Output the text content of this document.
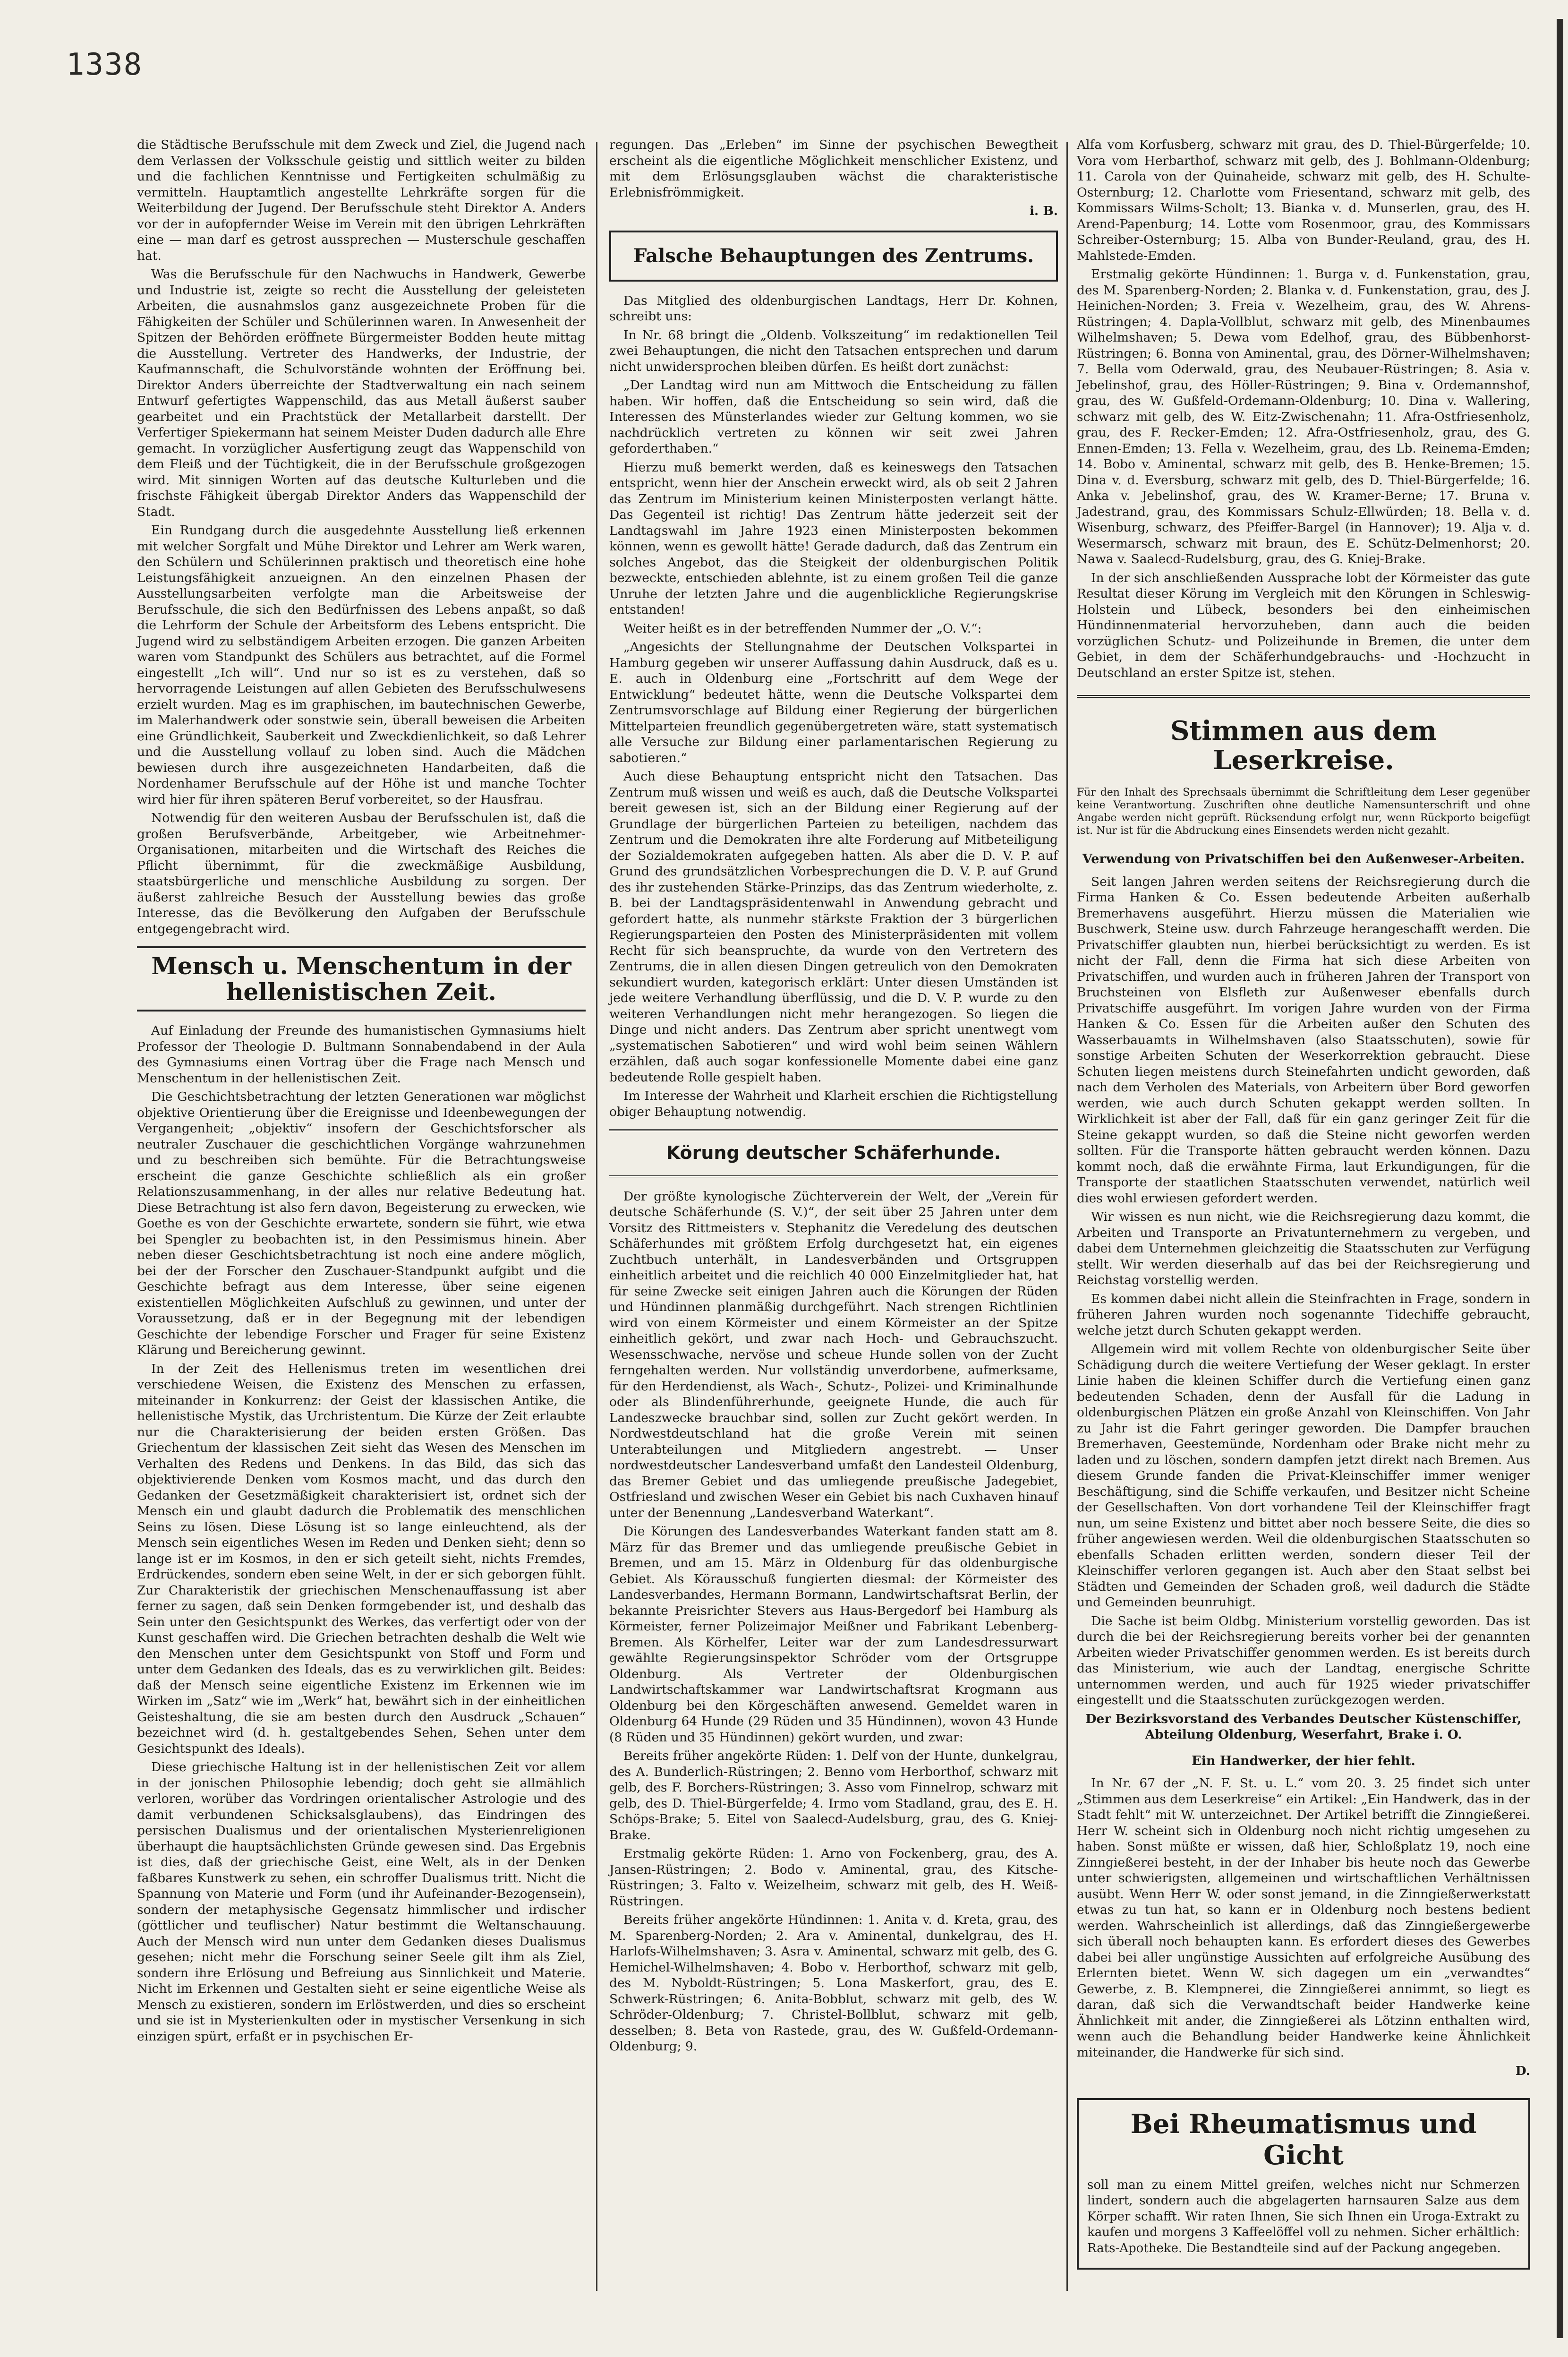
1338

die Städtische Berufsschule mit dem Zweck und Ziel, die Jugend nach dem Verlassen der Volksschule geistig und sittlich weiter zu bilden und die fachlichen Kenntnisse und Fertigkeiten schulmäßig zu vermitteln. Hauptamtlich angestellte Lehrkräfte sorgen für die Weiterbildung der Jugend. Der Berufsschule steht Direktor A. Anders vor der in aufopfernder Weise im Verein mit den übrigen Lehrkräften eine — man darf es getrost aussprechen — Musterschule geschaffen hat.

Was die Berufsschule für den Nachwuchs in Handwerk, Gewerbe und Industrie ist, zeigte so recht die Ausstellung der geleisteten Arbeiten, die ausnahmslos ganz ausgezeichnete Proben für die Fähigkeiten der Schüler und Schülerinnen waren. In Anwesenheit der Spitzen der Behörden eröffnete Bürgermeister Bodden heute mittag die Ausstellung. Vertreter des Handwerks, der Industrie, der Kaufmannschaft, die Schulvorstände wohnten der Eröffnung bei. Direktor Anders überreichte der Stadtverwaltung ein nach seinem Entwurf gefertigtes Wappenschild, das aus Metall äußerst sauber gearbeitet und ein Prachtstück der Metallarbeit darstellt. Der Verfertiger Spiekermann hat seinem Meister Duden dadurch alle Ehre gemacht. In vorzüglicher Ausfertigung zeugt das Wappenschild von dem Fleiß und der Tüchtigkeit, die in der Berufsschule großgezogen wird. Mit sinnigen Worten auf das deutsche Kulturleben und die frischste Fähigkeit übergab Direktor Anders das Wappenschild der Stadt.

Ein Rundgang durch die ausgedehnte Ausstellung ließ erkennen mit welcher Sorgfalt und Mühe Direktor und Lehrer am Werk waren, den Schülern und Schülerinnen praktisch und theoretisch eine hohe Leistungsfähigkeit anzueignen. An den einzelnen Phasen der Ausstellungsarbeiten verfolgte man die Arbeitsweise der Berufsschule, die sich den Bedürfnissen des Lebens anpaßt, so daß die Lehrform der Schule der Arbeitsform des Lebens entspricht. Die Jugend wird zu selbständigem Arbeiten erzogen. Die ganzen Arbeiten waren vom Standpunkt des Schülers aus betrachtet, auf die Formel eingestellt „Ich will“. Und nur so ist es zu verstehen, daß so hervorragende Leistungen auf allen Gebieten des Berufsschulwesens erzielt wurden. Mag es im graphischen, im bautechnischen Gewerbe, im Malerhandwerk oder sonstwie sein, überall beweisen die Arbeiten eine Gründlichkeit, Sauberkeit und Zweckdienlichkeit, so daß Lehrer und die Ausstellung vollauf zu loben sind. Auch die Mädchen bewiesen durch ihre ausgezeichneten Handarbeiten, daß die Nordenhamer Berufsschule auf der Höhe ist und manche Tochter wird hier für ihren späteren Beruf vorbereitet, so der Hausfrau.

Notwendig für den weiteren Ausbau der Berufsschulen ist, daß die großen Berufsverbände, Arbeitgeber, wie Arbeitnehmer-Organisationen, mitarbeiten und die Wirtschaft des Reiches die Pflicht übernimmt, für die zweckmäßige Ausbildung, staatsbürgerliche und menschliche Ausbildung zu sorgen. Der äußerst zahlreiche Besuch der Ausstellung bewies das große Interesse, das die Bevölkerung den Aufgaben der Berufsschule entgegengebracht wird.

Mensch u. Menschentum in der hellenistischen Zeit.

Auf Einladung der Freunde des humanistischen Gymnasiums hielt Professor der Theologie D. Bultmann Sonnabendabend in der Aula des Gymnasiums einen Vortrag über die Frage nach Mensch und Menschentum in der hellenistischen Zeit.

Die Geschichtsbetrachtung der letzten Generationen war möglichst objektive Orientierung über die Ereignisse und Ideenbewegungen der Vergangenheit; „objektiv“ insofern der Geschichtsforscher als neutraler Zuschauer die geschichtlichen Vorgänge wahrzunehmen und zu beschreiben sich bemühte. Für die Betrachtungsweise erscheint die ganze Geschichte schließlich als ein großer Relationszusammenhang, in der alles nur relative Bedeutung hat. Diese Betrachtung ist also fern davon, Begeisterung zu erwecken, wie Goethe es von der Geschichte erwartete, sondern sie führt, wie etwa bei Spengler zu beobachten ist, in den Pessimismus hinein. Aber neben dieser Geschichtsbetrachtung ist noch eine andere möglich, bei der der Forscher den Zuschauer-Standpunkt aufgibt und die Geschichte befragt aus dem Interesse, über seine eigenen existentiellen Möglichkeiten Aufschluß zu gewinnen, und unter der Voraussetzung, daß er in der Begegnung mit der lebendigen Geschichte der lebendige Forscher und Frager für seine Existenz Klärung und Bereicherung gewinnt.

In der Zeit des Hellenismus treten im wesentlichen drei verschiedene Weisen, die Existenz des Menschen zu erfassen, miteinander in Konkurrenz: der Geist der klassischen Antike, die hellenistische Mystik, das Urchristentum. Die Kürze der Zeit erlaubte nur die Charakterisierung der beiden ersten Größen. Das Griechentum der klassischen Zeit sieht das Wesen des Menschen im Verhalten des Redens und Denkens. In das Bild, das sich das objektivierende Denken vom Kosmos macht, und das durch den Gedanken der Gesetzmäßigkeit charakterisiert ist, ordnet sich der Mensch ein und glaubt dadurch die Problematik des menschlichen Seins zu lösen. Diese Lösung ist so lange einleuchtend, als der Mensch sein eigentliches Wesen im Reden und Denken sieht; denn so lange ist er im Kosmos, in den er sich geteilt sieht, nichts Fremdes, Erdrückendes, sondern eben seine Welt, in der er sich geborgen fühlt. Zur Charakteristik der griechischen Menschenauffassung ist aber ferner zu sagen, daß sein Denken formgebender ist, und deshalb das Sein unter den Gesichtspunkt des Werkes, das verfertigt oder von der Kunst geschaffen wird. Die Griechen betrachten deshalb die Welt wie den Menschen unter dem Gesichtspunkt von Stoff und Form und unter dem Gedanken des Ideals, das es zu verwirklichen gilt. Beides: daß der Mensch seine eigentliche Existenz im Erkennen wie im Wirken im „Satz“ wie im „Werk“ hat, bewährt sich in der einheitlichen Geisteshaltung, die sie am besten durch den Ausdruck „Schauen“ bezeichnet wird (d. h. gestaltgebendes Sehen, Sehen unter dem Gesichtspunkt des Ideals).

Diese griechische Haltung ist in der hellenistischen Zeit vor allem in der jonischen Philosophie lebendig; doch geht sie allmählich verloren, worüber das Vordringen orientalischer Astrologie und des damit verbundenen Schicksalsglaubens), das Eindringen des persischen Dualismus und der orientalischen Mysterienreligionen überhaupt die hauptsächlichsten Gründe gewesen sind. Das Ergebnis ist dies, daß der griechische Geist, eine Welt, als in der Denken faßbares Kunstwerk zu sehen, ein schroffer Dualismus tritt. Nicht die Spannung von Materie und Form (und ihr Aufeinander-Bezogensein), sondern der metaphysische Gegensatz himmlischer und irdischer (göttlicher und teuflischer) Natur bestimmt die Weltanschauung. Auch der Mensch wird nun unter dem Gedanken dieses Dualismus gesehen; nicht mehr die Forschung seiner Seele gilt ihm als Ziel, sondern ihre Erlösung und Befreiung aus Sinnlichkeit und Materie. Nicht im Erkennen und Gestalten sieht er seine eigentliche Weise als Mensch zu existieren, sondern im Erlöstwerden, und dies so erscheint und sie ist in Mysterienkulten oder in mystischer Versenkung in sich einzigen spürt, erfaßt er in psychischen Er-

regungen. Das „Erleben“ im Sinne der psychischen Bewegtheit erscheint als die eigentliche Möglichkeit menschlicher Existenz, und mit dem Erlösungsglauben wächst die charakteristische Erlebnisfrömmigkeit.

i. B.

Falsche Behauptungen des Zentrums.

Das Mitglied des oldenburgischen Landtags, Herr Dr. Kohnen, schreibt uns:

In Nr. 68 bringt die „Oldenb. Volkszeitung“ im redaktionellen Teil zwei Behauptungen, die nicht den Tatsachen entsprechen und darum nicht unwidersprochen bleiben dürfen. Es heißt dort zunächst:

„Der Landtag wird nun am Mittwoch die Entscheidung zu fällen haben. Wir hoffen, daß die Entscheidung so sein wird, daß die Interessen des Münsterlandes wieder zur Geltung kommen, wo sie nachdrücklich vertreten zu können wir seit zwei Jahren geforderthaben.“

Hierzu muß bemerkt werden, daß es keineswegs den Tatsachen entspricht, wenn hier der Anschein erweckt wird, als ob seit 2 Jahren das Zentrum im Ministerium keinen Ministerposten verlangt hätte. Das Gegenteil ist richtig! Das Zentrum hätte jederzeit seit der Landtagswahl im Jahre 1923 einen Ministerposten bekommen können, wenn es gewollt hätte! Gerade dadurch, daß das Zentrum ein solches Angebot, das die Steigkeit der oldenburgischen Politik bezweckte, entschieden ablehnte, ist zu einem großen Teil die ganze Unruhe der letzten Jahre und die augenblickliche Regierungskrise entstanden!

Weiter heißt es in der betreffenden Nummer der „O. V.“:

„Angesichts der Stellungnahme der Deutschen Volkspartei in Hamburg gegeben wir unserer Auffassung dahin Ausdruck, daß es u. E. auch in Oldenburg eine „Fortschritt auf dem Wege der Entwicklung“ bedeutet hätte, wenn die Deutsche Volkspartei dem Zentrumsvorschlage auf Bildung einer Regierung der bürgerlichen Mittelparteien freundlich gegenübergetreten wäre, statt systematisch alle Versuche zur Bildung einer parlamentarischen Regierung zu sabotieren.“

Auch diese Behauptung entspricht nicht den Tatsachen. Das Zentrum muß wissen und weiß es auch, daß die Deutsche Volkspartei bereit gewesen ist, sich an der Bildung einer Regierung auf der Grundlage der bürgerlichen Parteien zu beteiligen, nachdem das Zentrum und die Demokraten ihre alte Forderung auf Mitbeteiligung der Sozialdemokraten aufgegeben hatten. Als aber die D. V. P. auf Grund des grundsätzlichen Vorbesprechungen die D. V. P. auf Grund des ihr zustehenden Stärke-Prinzips, das das Zentrum wiederholte, z. B. bei der Landtagspräsidentenwahl in Anwendung gebracht und gefordert hatte, als nunmehr stärkste Fraktion der 3 bürgerlichen Regierungsparteien den Posten des Ministerpräsidenten mit vollem Recht für sich beanspruchte, da wurde von den Vertretern des Zentrums, die in allen diesen Dingen getreulich von den Demokraten sekundiert wurden, kategorisch erklärt: Unter diesen Umständen ist jede weitere Verhandlung überflüssig, und die D. V. P. wurde zu den weiteren Verhandlungen nicht mehr herangezogen. So liegen die Dinge und nicht anders. Das Zentrum aber spricht unentwegt vom „systematischen Sabotieren“ und wird wohl beim seinen Wählern erzählen, daß auch sogar konfessionelle Momente dabei eine ganz bedeutende Rolle gespielt haben.

Im Interesse der Wahrheit und Klarheit erschien die Richtigstellung obiger Behauptung notwendig.

Körung deutscher Schäferhunde.

Der größte kynologische Züchterverein der Welt, der „Verein für deutsche Schäferhunde (S. V.)“, der seit über 25 Jahren unter dem Vorsitz des Rittmeisters v. Stephanitz die Veredelung des deutschen Schäferhundes mit größtem Erfolg durchgesetzt hat, ein eigenes Zuchtbuch unterhält, in Landesverbänden und Ortsgruppen einheitlich arbeitet und die reichlich 40 000 Einzelmitglieder hat, hat für seine Zwecke seit einigen Jahren auch die Körungen der Rüden und Hündinnen planmäßig durchgeführt. Nach strengen Richtlinien wird von einem Körmeister und einem Körmeister an der Spitze einheitlich gekört, und zwar nach Hoch- und Gebrauchszucht. Wesensschwache, nervöse und scheue Hunde sollen von der Zucht ferngehalten werden. Nur vollständig unverdorbene, aufmerksame, für den Herdendienst, als Wach-, Schutz-, Polizei- und Kriminalhunde oder als Blindenführerhunde, geeignete Hunde, die auch für Landeszwecke brauchbar sind, sollen zur Zucht gekört werden. In Nordwestdeutschland hat die große Verein mit seinen Unterabteilungen und Mitgliedern angestrebt. — Unser nordwestdeutscher Landesverband umfaßt den Landesteil Oldenburg, das Bremer Gebiet und das umliegende preußische Jadegebiet, Ostfriesland und zwischen Weser ein Gebiet bis nach Cuxhaven hinauf unter der Benennung „Landesverband Waterkant“.

Die Körungen des Landesverbandes Waterkant fanden statt am 8. März für das Bremer und das umliegende preußische Gebiet in Bremen, und am 15. März in Oldenburg für das oldenburgische Gebiet. Als Körausschuß fungierten diesmal: der Körmeister des Landesverbandes, Hermann Bormann, Landwirtschaftsrat Berlin, der bekannte Preisrichter Stevers aus Haus-Bergedorf bei Hamburg als Körmeister, ferner Polizeimajor Meißner und Fabrikant Lebenberg-Bremen. Als Körhelfer, Leiter war der zum Landesdressurwart gewählte Regierungsinspektor Schröder vom der Ortsgruppe Oldenburg. Als Vertreter der Oldenburgischen Landwirtschaftskammer war Landwirtschaftsrat Krogmann aus Oldenburg bei den Körgeschäften anwesend. Gemeldet waren in Oldenburg 64 Hunde (29 Rüden und 35 Hündinnen), wovon 43 Hunde (8 Rüden und 35 Hündinnen) gekört wurden, und zwar:

Bereits früher angekörte Rüden: 1. Delf von der Hunte, dunkelgrau, des A. Bunderlich-Rüstringen; 2. Benno vom Herborthof, schwarz mit gelb, des F. Borchers-Rüstringen; 3. Asso vom Finnelrop, schwarz mit gelb, des D. Thiel-Bürgerfelde; 4. Irmo vom Stadland, grau, des E. H. Schöps-Brake; 5. Eitel von Saalecd-Audelsburg, grau, des G. Kniej-Brake.

Erstmalig gekörte Rüden: 1. Arno von Fockenberg, grau, des A. Jansen-Rüstringen; 2. Bodo v. Aminental, grau, des Kitsche-Rüstringen; 3. Falto v. Weizelheim, schwarz mit gelb, des H. Weiß-Rüstringen.

Bereits früher angekörte Hündinnen: 1. Anita v. d. Kreta, grau, des M. Sparenberg-Norden; 2. Ara v. Aminental, dunkelgrau, des H. Harlofs-Wilhelmshaven; 3. Asra v. Aminental, schwarz mit gelb, des G. Hemichel-Wilhelmshaven; 4. Bobo v. Herborthof, schwarz mit gelb, des M. Nyboldt-Rüstringen; 5. Lona Maskerfort, grau, des E. Schwerk-Rüstringen; 6. Anita-Bobblut, schwarz mit gelb, des W. Schröder-Oldenburg; 7. Christel-Bollblut, schwarz mit gelb, desselben; 8. Beta von Rastede, grau, des W. Gußfeld-Ordemann-Oldenburg; 9.

Alfa vom Korfusberg, schwarz mit grau, des D. Thiel-Bürgerfelde; 10. Vora vom Herbarthof, schwarz mit gelb, des J. Bohlmann-Oldenburg; 11. Carola von der Quinaheide, schwarz mit gelb, des H. Schulte-Osternburg; 12. Charlotte vom Friesentand, schwarz mit gelb, des Kommissars Wilms-Scholt; 13. Bianka v. d. Munserlen, grau, des H. Arend-Papenburg; 14. Lotte vom Rosenmoor, grau, des Kommissars Schreiber-Osternburg; 15. Alba von Bunder-Reuland, grau, des H. Mahlstede-Emden.

Erstmalig gekörte Hündinnen: 1. Burga v. d. Funkenstation, grau, des M. Sparenberg-Norden; 2. Blanka v. d. Funkenstation, grau, des J. Heinichen-Norden; 3. Freia v. Wezelheim, grau, des W. Ahrens-Rüstringen; 4. Dapla-Vollblut, schwarz mit gelb, des Minenbaumes Wilhelmshaven; 5. Dewa vom Edelhof, grau, des Bübbenhorst-Rüstringen; 6. Bonna von Aminental, grau, des Dörner-Wilhelmshaven; 7. Bella vom Oderwald, grau, des Neubauer-Rüstringen; 8. Asia v. Jebelinshof, grau, des Höller-Rüstringen; 9. Bina v. Ordemannshof, grau, des W. Gußfeld-Ordemann-Oldenburg; 10. Dina v. Wallering, schwarz mit gelb, des W. Eitz-Zwischenahn; 11. Afra-Ostfriesenholz, grau, des F. Recker-Emden; 12. Afra-Ostfriesenholz, grau, des G. Ennen-Emden; 13. Fella v. Wezelheim, grau, des Lb. Reinema-Emden; 14. Bobo v. Aminental, schwarz mit gelb, des B. Henke-Bremen; 15. Dina v. d. Eversburg, schwarz mit gelb, des D. Thiel-Bürgerfelde; 16. Anka v. Jebelinshof, grau, des W. Kramer-Berne; 17. Bruna v. Jadestrand, grau, des Kommissars Schulz-Ellwürden; 18. Bella v. d. Wisenburg, schwarz, des Pfeiffer-Bargel (in Hannover); 19. Alja v. d. Wesermarsch, schwarz mit braun, des E. Schütz-Delmenhorst; 20. Nawa v. Saalecd-Rudelsburg, grau, des G. Kniej-Brake.

In der sich anschließenden Aussprache lobt der Körmeister das gute Resultat dieser Körung im Vergleich mit den Körungen in Schleswig-Holstein und Lübeck, besonders bei den einheimischen Hündinnenmaterial hervorzuheben, dann auch die beiden vorzüglichen Schutz- und Polizeihunde in Bremen, die unter dem Gebiet, in dem der Schäferhundgebrauchs- und -Hochzucht in Deutschland an erster Spitze ist, stehen.

Stimmen aus dem Leserkreise.

Für den Inhalt des Sprechsaals übernimmt die Schriftleitung dem Leser gegenüber keine Verantwortung. Zuschriften ohne deutliche Namensunterschrift und ohne Angabe werden nicht geprüft. Rücksendung erfolgt nur, wenn Rückporto beigefügt ist. Nur ist für die Abdruckung eines Einsendets werden nicht gezahlt.

Verwendung von Privatschiffen bei den Außenweser-Arbeiten.

Seit langen Jahren werden seitens der Reichsregierung durch die Firma Hanken & Co. Essen bedeutende Arbeiten außerhalb Bremerhavens ausgeführt. Hierzu müssen die Materialien wie Buschwerk, Steine usw. durch Fahrzeuge herangeschafft werden. Die Privatschiffer glaubten nun, hierbei berücksichtigt zu werden. Es ist nicht der Fall, denn die Firma hat sich diese Arbeiten von Privatschiffen, und wurden auch in früheren Jahren der Transport von Bruchsteinen von Elsfleth zur Außenweser ebenfalls durch Privatschiffe ausgeführt. Im vorigen Jahre wurden von der Firma Hanken & Co. Essen für die Arbeiten außer den Schuten des Wasserbauamts in Wilhelmshaven (also Staatsschuten), sowie für sonstige Arbeiten Schuten der Weserkorrektion gebraucht. Diese Schuten liegen meistens durch Steinefahrten undicht geworden, daß nach dem Verholen des Materials, von Arbeitern über Bord geworfen werden, wie auch durch Schuten gekappt werden sollten. In Wirklichkeit ist aber der Fall, daß für ein ganz geringer Zeit für die Steine gekappt wurden, so daß die Steine nicht geworfen werden sollten. Für die Transporte hätten gebraucht werden können. Dazu kommt noch, daß die erwähnte Firma, laut Erkundigungen, für die Transporte der staatlichen Staatsschuten verwendet, natürlich weil dies wohl erwiesen gefordert werden.

Wir wissen es nun nicht, wie die Reichsregierung dazu kommt, die Arbeiten und Transporte an Privatunternehmern zu vergeben, und dabei dem Unternehmen gleichzeitig die Staatsschuten zur Verfügung stellt. Wir werden dieserhalb auf das bei der Reichsregierung und Reichstag vorstellig werden.

Es kommen dabei nicht allein die Steinfrachten in Frage, sondern in früheren Jahren wurden noch sogenannte Tidechiffe gebraucht, welche jetzt durch Schuten gekappt werden.

Allgemein wird mit vollem Rechte von oldenburgischer Seite über Schädigung durch die weitere Vertiefung der Weser geklagt. In erster Linie haben die kleinen Schiffer durch die Vertiefung einen ganz bedeutenden Schaden, denn der Ausfall für die Ladung in oldenburgischen Plätzen ein große Anzahl von Kleinschiffen. Von Jahr zu Jahr ist die Fahrt geringer geworden. Die Dampfer brauchen Bremerhaven, Geestemünde, Nordenham oder Brake nicht mehr zu laden und zu löschen, sondern dampfen jetzt direkt nach Bremen. Aus diesem Grunde fanden die Privat-Kleinschiffer immer weniger Beschäftigung, sind die Schiffe verkaufen, und Besitzer nicht Scheine der Gesellschaften. Von dort vorhandene Teil der Kleinschiffer fragt nun, um seine Existenz und bittet aber noch bessere Seite, die dies so früher angewiesen werden. Weil die oldenburgischen Staatsschuten so ebenfalls Schaden erlitten werden, sondern dieser Teil der Kleinschiffer verloren gegangen ist. Auch aber den Staat selbst bei Städten und Gemeinden der Schaden groß, weil dadurch die Städte und Gemeinden beunruhigt.

Die Sache ist beim Oldbg. Ministerium vorstellig geworden. Das ist durch die bei der Reichsregierung bereits vorher bei der genannten Arbeiten wieder Privatschiffer genommen werden. Es ist bereits durch das Ministerium, wie auch der Landtag, energische Schritte unternommen werden, und auch für 1925 wieder privatschiffer eingestellt und die Staatsschuten zurückgezogen werden.

Der Bezirksvorstand des Verbandes Deutscher Küstenschiffer, Abteilung Oldenburg, Weserfahrt, Brake i. O.

Ein Handwerker, der hier fehlt.

In Nr. 67 der „N. F. St. u. L.“ vom 20. 3. 25 findet sich unter „Stimmen aus dem Leserkreise“ ein Artikel: „Ein Handwerk, das in der Stadt fehlt“ mit W. unterzeichnet. Der Artikel betrifft die Zinngießerei. Herr W. scheint sich in Oldenburg noch nicht richtig umgesehen zu haben. Sonst müßte er wissen, daß hier, Schloßplatz 19, noch eine Zinngießerei besteht, in der der Inhaber bis heute noch das Gewerbe unter schwierigsten, allgemeinen und wirtschaftlichen Verhältnissen ausübt. Wenn Herr W. oder sonst jemand, in die Zinngießerwerkstatt etwas zu tun hat, so kann er in Oldenburg noch bestens bedient werden. Wahrscheinlich ist allerdings, daß das Zinngießergewerbe sich überall noch behaupten kann. Es erfordert dieses des Gewerbes dabei bei aller ungünstige Aussichten auf erfolgreiche Ausübung des Erlernten bietet. Wenn W. sich dagegen um ein „verwandtes“ Gewerbe, z. B. Klempnerei, die Zinngießerei annimmt, so liegt es daran, daß sich die Verwandtschaft beider Handwerke keine Ähnlichkeit mit ander, die Zinngießerei als Lötzinn enthalten wird, wenn auch die Behandlung beider Handwerke keine Ähnlichkeit miteinander, die Handwerke für sich sind.

D.

Bei Rheumatismus und Gicht

soll man zu einem Mittel greifen, welches nicht nur Schmerzen lindert, sondern auch die abgelagerten harnsauren Salze aus dem Körper schafft. Wir raten Ihnen, Sie sich Ihnen ein Uroga-Extrakt zu kaufen und morgens 3 Kaffeelöffel voll zu nehmen. Sicher erhältlich: Rats-Apotheke. Die Bestandteile sind auf der Packung angegeben.
